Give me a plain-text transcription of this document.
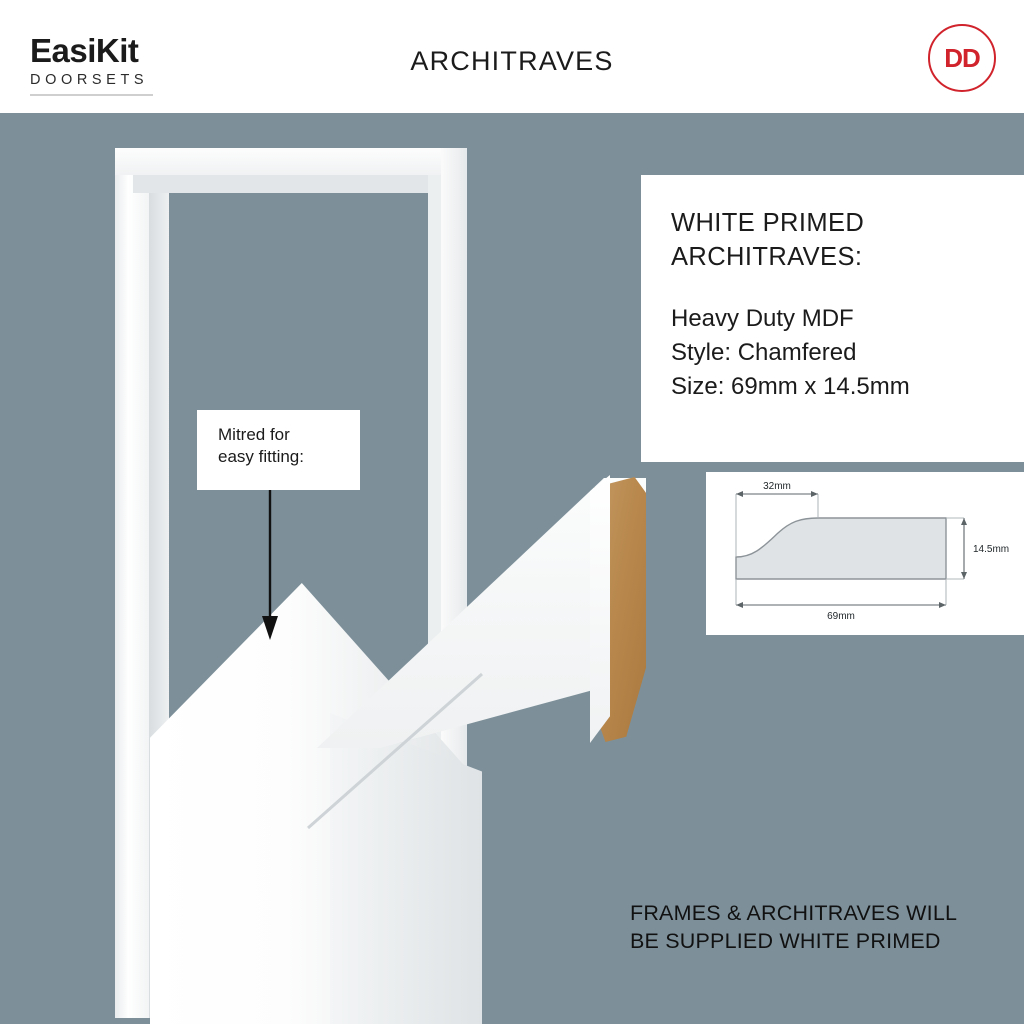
EasiKit
DOORSETS
ARCHITRAVES	DD
Mitred for
easy fitting:
WHITE PRIMED
ARCHITRAVES:
Heavy Duty MDF
Style: Chamfered
Size: 69mm x 14.5mm
32mm
69mm
14.5mm
FRAMES & ARCHITRAVES WILL
BE SUPPLIED WHITE PRIMED
